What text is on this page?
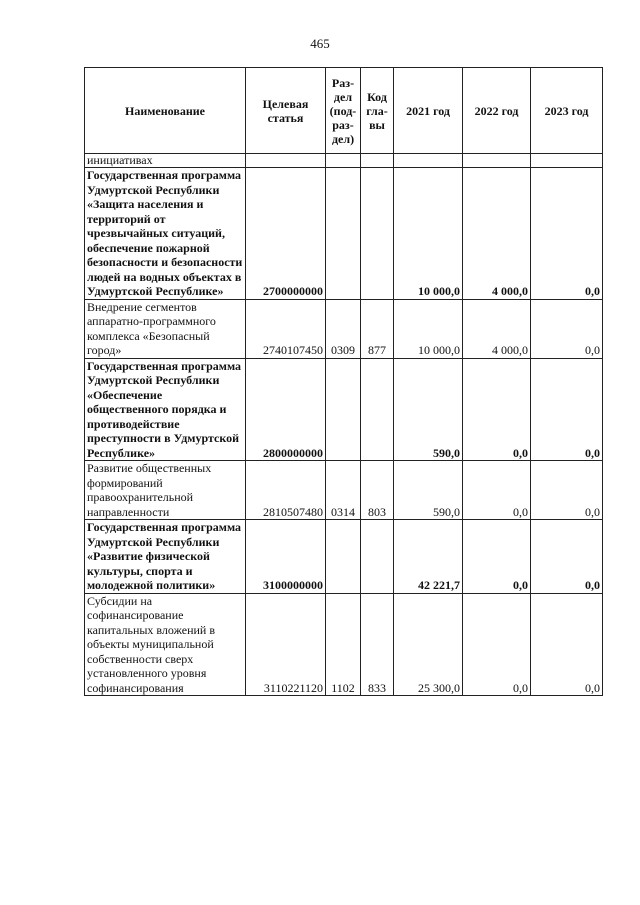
465
Наименование	Целевая статья	Раз-дел (под-раз-дел)	Код гла-вы	2021 год	2022 год	2023 год
инициативах						
Государственная программа Удмуртской Республики «Защита населения и территорий от чрезвычайных ситуаций, обеспечение пожарной безопасности и безопасности людей на водных объектах в Удмуртской Республике»	2700000000			10 000,0	4 000,0	0,0
Внедрение сегментов аппаратно-программного комплекса «Безопасный город»	2740107450	0309	877	10 000,0	4 000,0	0,0
Государственная программа Удмуртской Республики «Обеспечение общественного порядка и противодействие преступности в Удмуртской Республике»	2800000000			590,0	0,0	0,0
Развитие общественных формирований правоохранительной направленности	2810507480	0314	803	590,0	0,0	0,0
Государственная программа Удмуртской Республики «Развитие физической культуры, спорта и молодежной политики»	3100000000			42 221,7	0,0	0,0
Субсидии на софинансирование капитальных вложений в объекты муниципальной собственности сверх установленного уровня софинансирования	3110221120	1102	833	25 300,0	0,0	0,0
